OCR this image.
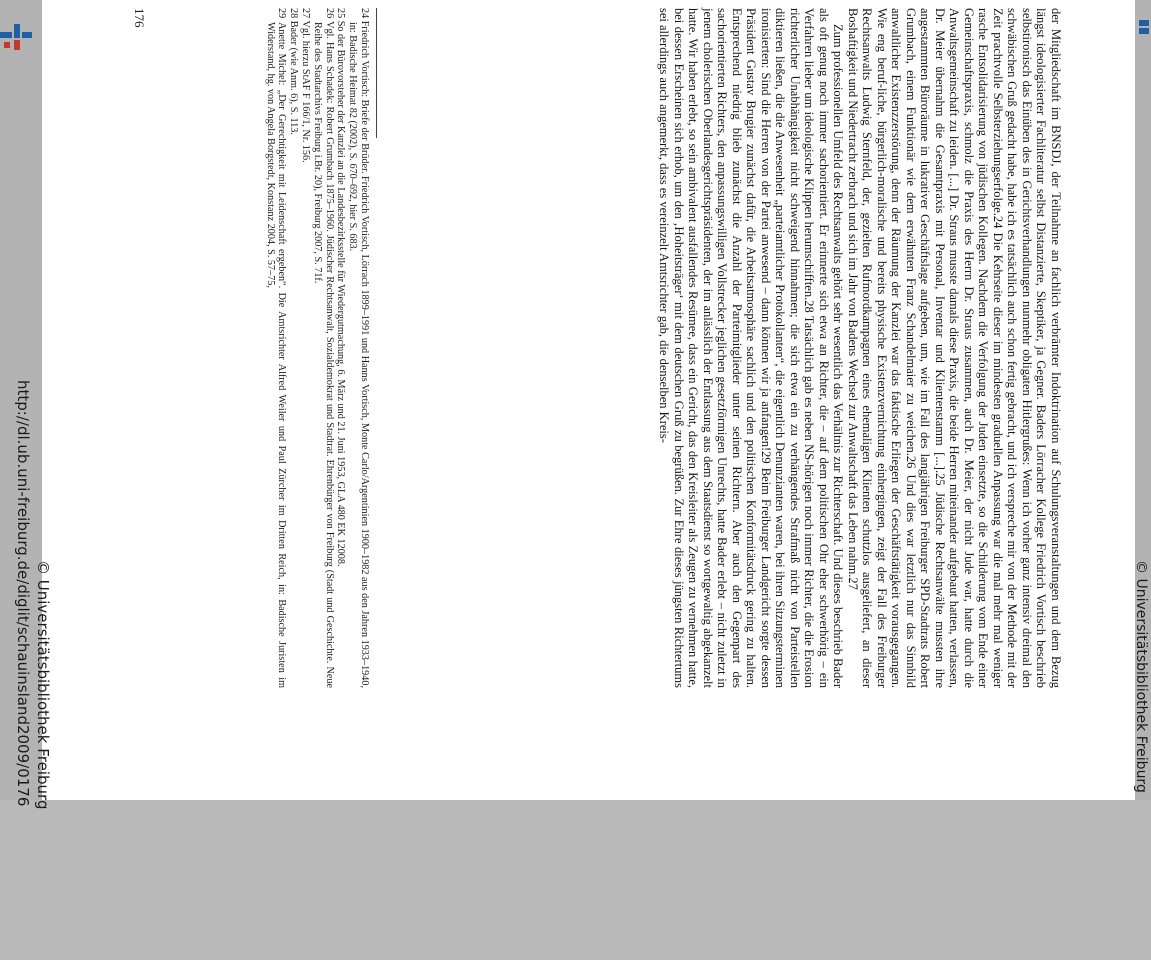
der Mitgliedschaft im BNSDJ, der Teilnahme an fachlich verbrämter Indoktrination auf Schulungsveranstaltungen und dem Bezug längst ideologisierter Fachliteratur selbst Distanzierte, Skeptiker, ja Gegner. Baders Lörracher Kollege Friedrich Vortisch beschrieb selbstironisch das Einüben des in Gerichtsverhandlungen nunmehr obligaten Hitlergrußes: Wenn ich vorher ganz intensiv dreimal den schwäbischen Gruß gedacht habe, habe ich es tatsächlich auch schon fertig gebracht, und ich verspreche mir von der Methode mit der Zeit prachtvolle Selbsterziehungserfolge.24 Die Kehrseite dieser im mindesten graduellen Anpassung war die mal mehr mal weniger rasche Entsolidarisierung von jüdischen Kollegen. Nachdem die Verfolgung der Juden einsetzte, so die Schilderung vom Ende einer Gemeinschaftspraxis, schmolz die Praxis des Herrn Dr. Straus zusammen, auch Dr. Meier, der nicht Jude war, hatte durch die Anwaltsgemeinschaft zu leiden. [...] Dr. Straus musste damals diese Praxis, die beide Herren miteinander aufgebaut hatten, verlassen, Dr. Meier übernahm die Gesamtpraxis mit Personal, Inventar und Klientenstamm [...].25 Jüdische Rechtsanwälte mussten ihre angestammten Büroräume in lukrativer Geschäftslage aufgeben, um, wie im Fall des langjährigen Freiburger SPD-Stadtrats Robert Grumbach, einem Funktionär wie dem erwähnten Franz Schandelmaier zu weichen.26 Und dies war letztlich nur das Sinnbild anwaltlicher Existenzzerstörung, denn der Räumung der Kanzlei war das faktische Erliegen der Geschäftstätigkeit vorausgegangen. Wie eng beruf-liche, bürgerlich-moralische und bereits physische Existenzvernichtung einhergingen, zeigt der Fall des Freiburger Rechtsanwalts Ludwig Sternfeld, der, gezielten Rufmordkampagnen eines ehemaligen Klienten schutzlos ausgeliefert, an dieser Boshaftigkeit und Niedertracht zerbrach und sich im Jahr von Badens Wechsel zur Anwaltschaft das Leben nahm.27

Zum professionellen Umfeld des Rechtsanwalts gehört sehr wesentlich das Verhältnis zur Richterschaft. Und dieses beschrieb Bader als oft genug noch immer sachorientiert. Er erinnerte sich etwa an Richter, die – auf dem politischen Ohr eher schwerhörig – ein Verfahren lieber um ideologische Klippen herumschifften.28 Tatsächlich gab es neben NS-hörigen noch immer Richter, die die Erosion richterlicher Unabhängigkeit nicht schweigend hinnahmen; die sich etwa ein zu verhängendes Strafmaß nicht von Parteistellen diktieren ließen, die die Anwesenheit „parteiamtlicher Protokollanten“, die eigentlich Denunzianten waren, bei ihren Sitzungsterminen ironisierten: Sind die Herren von der Partei anwesend – dann können wir ja anfangen!29 Beim Freiburger Landgericht sorgte dessen Präsident Gustav Brugier zunächst dafür, die Arbeitsatmosphäre sachlich und den politischen Konformitätsdruck gering zu halten. Entsprechend niedrig blieb zunächst die Anzahl der Parteimitglieder unter seinen Richtern. Aber auch den Gegenpart des sachorientierten Richters, den anpassungswilligen Vollstrecker jeglichen gesetzförmigen Unrechts, hatte Bader erlebt – nicht zuletzt in jenem cholerischen Oberlandesgerichtspräsidenten, der im anlässlich der Entlassung aus dem Staatsdienst so wortgewaltig abgekanzelt hatte. Wir haben erlebt, so sein ambivalent ausfallendes Resümee, dass ein Gericht, das den Kreisleiter als Zeugen zu vernehmen hatte, bei dessen Erscheinen sich erhob, um den ‚Hoheitsträger‘ mit dem deutschen Gruß zu begrüßen. Zur Ehre dieses jüngsten Richtertums sei allerdings auch angemerkt, dass es vereinzelt Amtsrichter gab, die denselben Kreis-

24 Friedrich Vortisch: Briefe der Brüder. Friedrich Vortisch, Lörrach 1899–1991 und Hanns Vortisch, Monte Carlo/Argentinien 1900–1982 aus den Jahren 1933–1940, in: Badische Heimat 82 (2002), S. 670–692, hier S. 683.
25 So der Bürovorsteher der Kanzlei an die Landesbezirksstelle für Wiedergutmachung, 6. März und 21. Juni 1953, GLA 480 EK 12008.
26 Vgl. Hans Schadek: Robert Grumbach 1875–1960. Jüdischer Rechtsanwalt, Sozialdemokrat und Stadtrat. Ehrenbürger von Freiburg (Stadt und Geschichte. Neue Reihe des Stadtarchivs Freiburg i.Br. 20), Freiburg 2007, S. 71f.
27 Vgl. hierzu StAF F 166/1, Nr. 156.
28 Bader (wie Anm. 6), S. 113.
29 Anette Michel: „Der Gerechtigkeit mit Leidenschaft ergeben“. Die Amtsrichter Alfred Weiler und Paul Zürcher im Dritten Reich, in: Badische Juristen im Widerstand, hg. von Angela Borgstedt, Konstanz 2004, S. 57–75,
176
http://dl.ub.uni-freiburg.de/diglit/schauinsland2009/0176 © Universitätsbibliothek Freiburg	© Universitätsbibliothek Freiburg
